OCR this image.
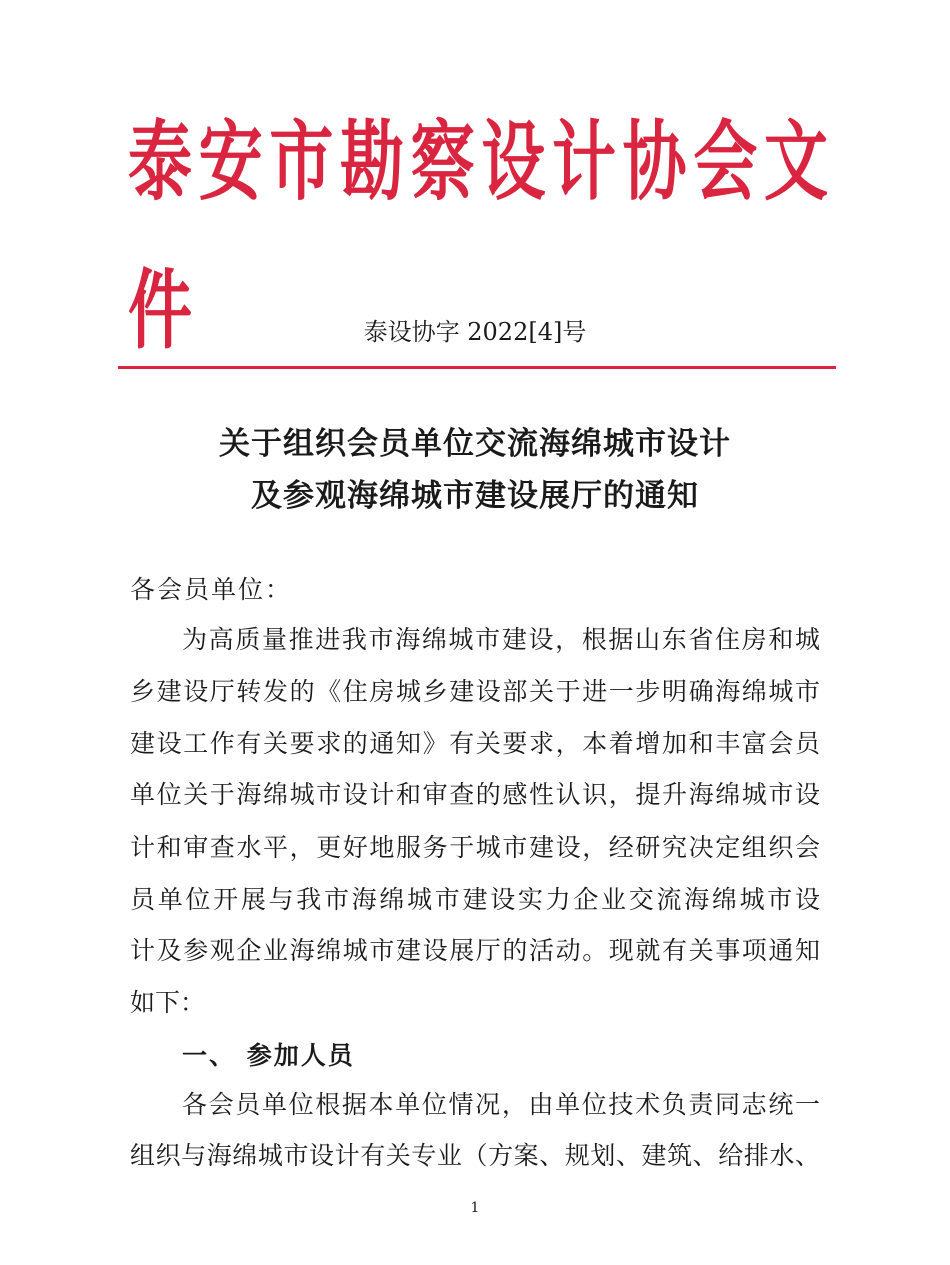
泰安市勘察设计协会文件	泰设协字 2022[4]号
关于组织会员单位交流海绵城市设计
及参观海绵城市建设展厅的通知
各会员单位：
为高质量推进我市海绵城市建设，根据山东省住房和城
乡建设厅转发的《住房城乡建设部关于进一步明确海绵城市
建设工作有关要求的通知》有关要求，本着增加和丰富会员
单位关于海绵城市设计和审查的感性认识，提升海绵城市设
计和审查水平，更好地服务于城市建设，经研究决定组织会
员单位开展与我市海绵城市建设实力企业交流海绵城市设
计及参观企业海绵城市建设展厅的活动。现就有关事项通知
如下：
一、 参加人员
各会员单位根据本单位情况，由单位技术负责同志统一
组织与海绵城市设计有关专业（方案、规划、建筑、给排水、
1
